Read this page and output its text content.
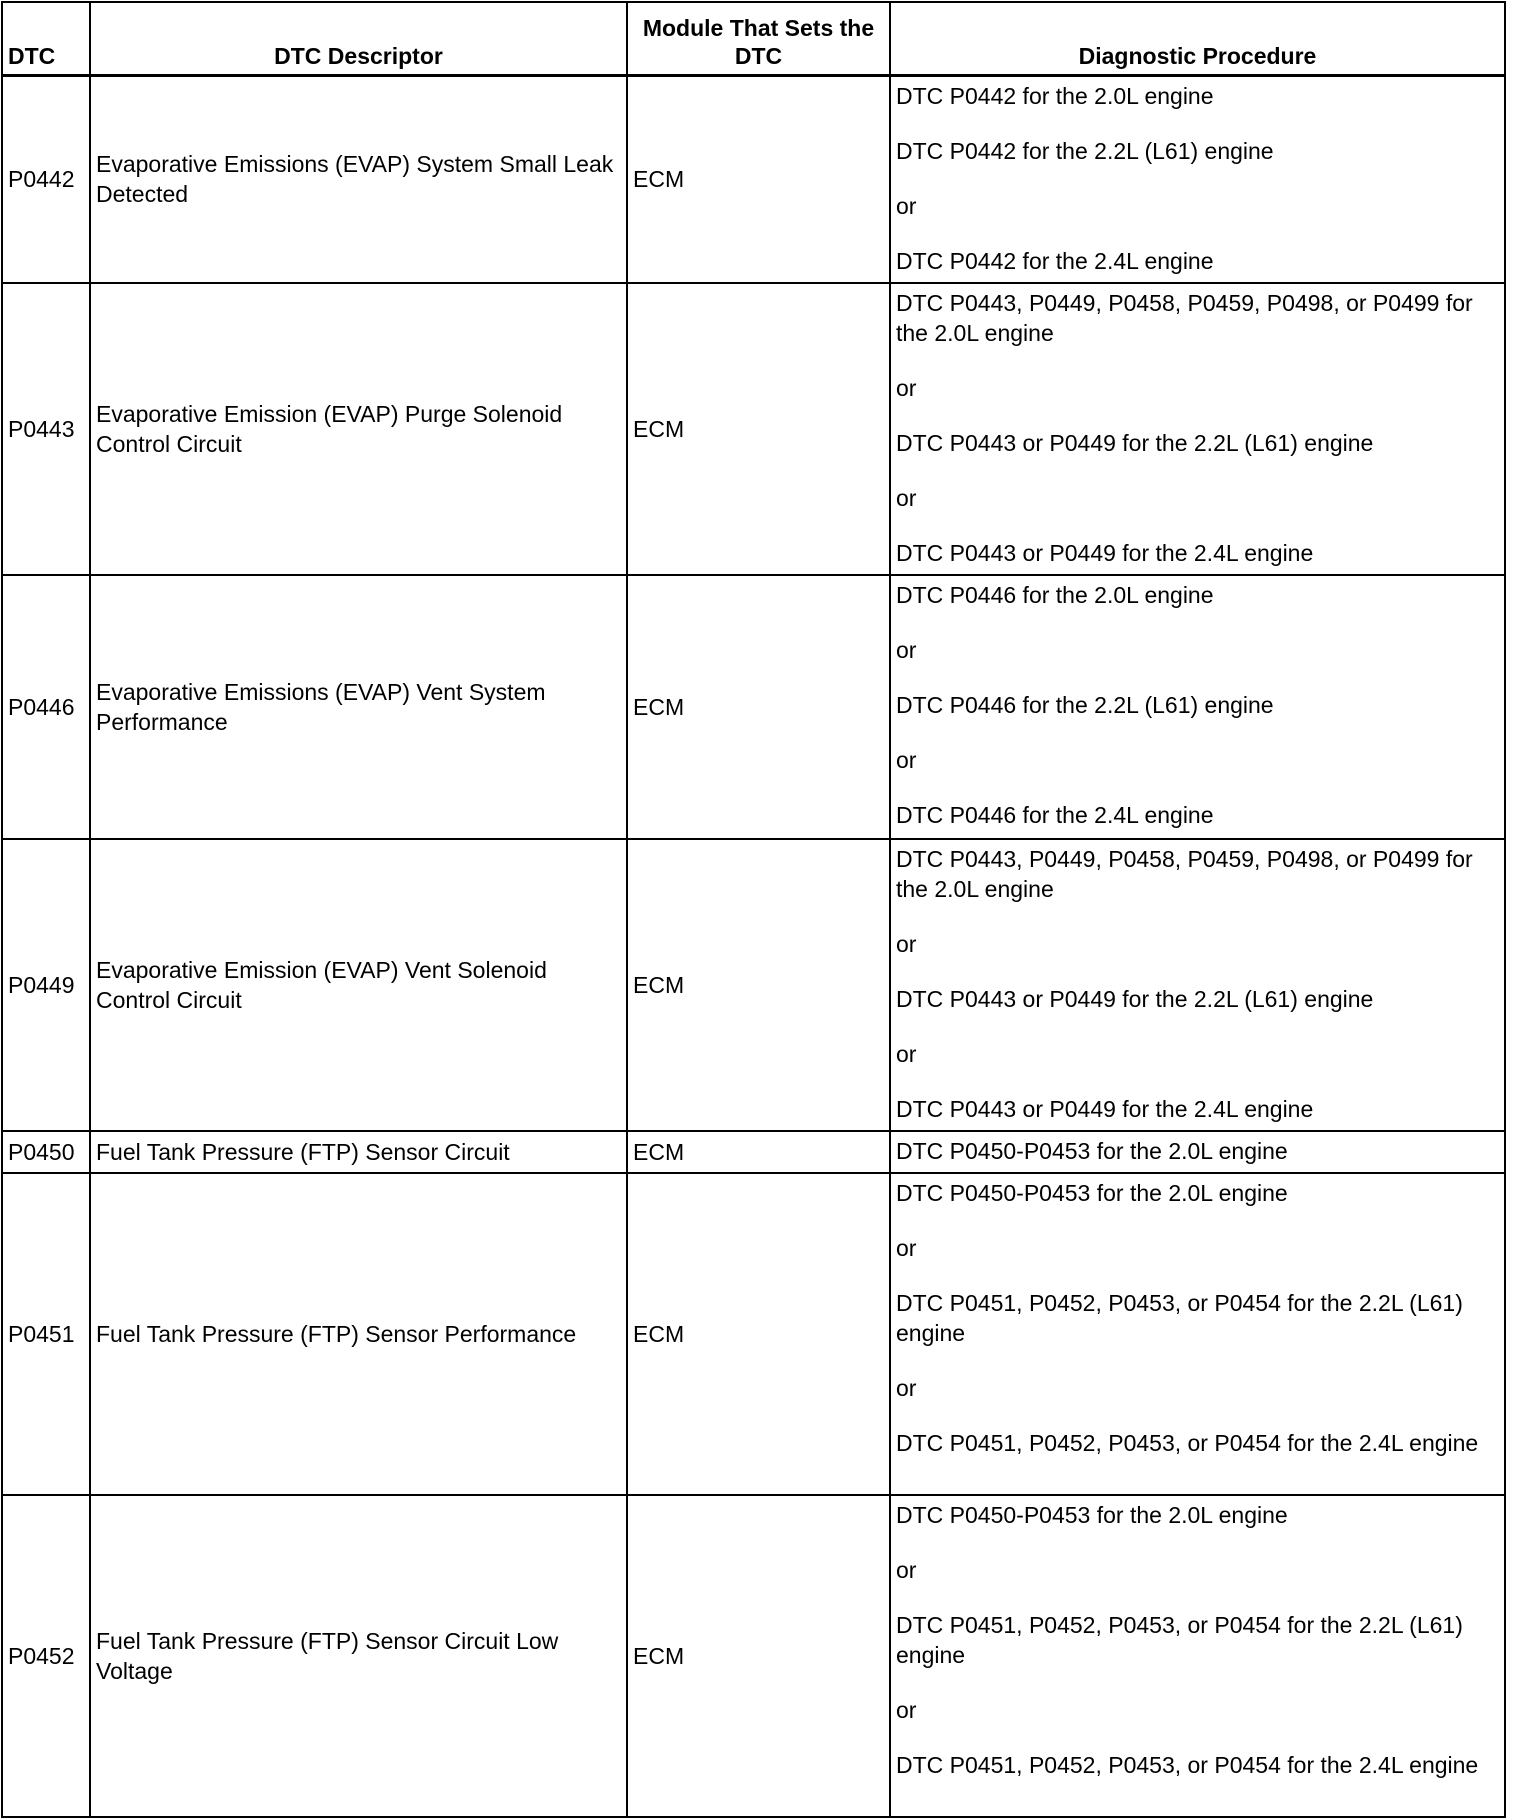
DTC	DTC Descriptor	Module That Sets the DTC	Diagnostic Procedure
P0442	Evaporative Emissions (EVAP) System Small Leak Detected	ECM	DTC P0442 for the 2.0L engine
DTC P0442 for the 2.2L (L61) engine
or
DTC P0442 for the 2.4L engine

P0443	Evaporative Emission (EVAP) Purge Solenoid Control Circuit	ECM	DTC P0443, P0449, P0458, P0459, P0498, or P0499 for the 2.0L engine
or
DTC P0443 or P0449 for the 2.2L (L61) engine
or
DTC P0443 or P0449 for the 2.4L engine

P0446	Evaporative Emissions (EVAP) Vent System Performance	ECM	DTC P0446 for the 2.0L engine
or
DTC P0446 for the 2.2L (L61) engine
or
DTC P0446 for the 2.4L engine

P0449	Evaporative Emission (EVAP) Vent Solenoid Control Circuit	ECM	DTC P0443, P0449, P0458, P0459, P0498, or P0499 for the 2.0L engine
or
DTC P0443 or P0449 for the 2.2L (L61) engine
or
DTC P0443 or P0449 for the 2.4L engine

P0450	Fuel Tank Pressure (FTP) Sensor Circuit	ECM	DTC P0450-P0453 for the 2.0L engine

P0451	Fuel Tank Pressure (FTP) Sensor Performance	ECM	DTC P0450-P0453 for the 2.0L engine
or
DTC P0451, P0452, P0453, or P0454 for the 2.2L (L61) engine
or
DTC P0451, P0452, P0453, or P0454 for the 2.4L engine

P0452	Fuel Tank Pressure (FTP) Sensor Circuit Low Voltage	ECM	DTC P0450-P0453 for the 2.0L engine
or
DTC P0451, P0452, P0453, or P0454 for the 2.2L (L61) engine
or
DTC P0451, P0452, P0453, or P0454 for the 2.4L engine
